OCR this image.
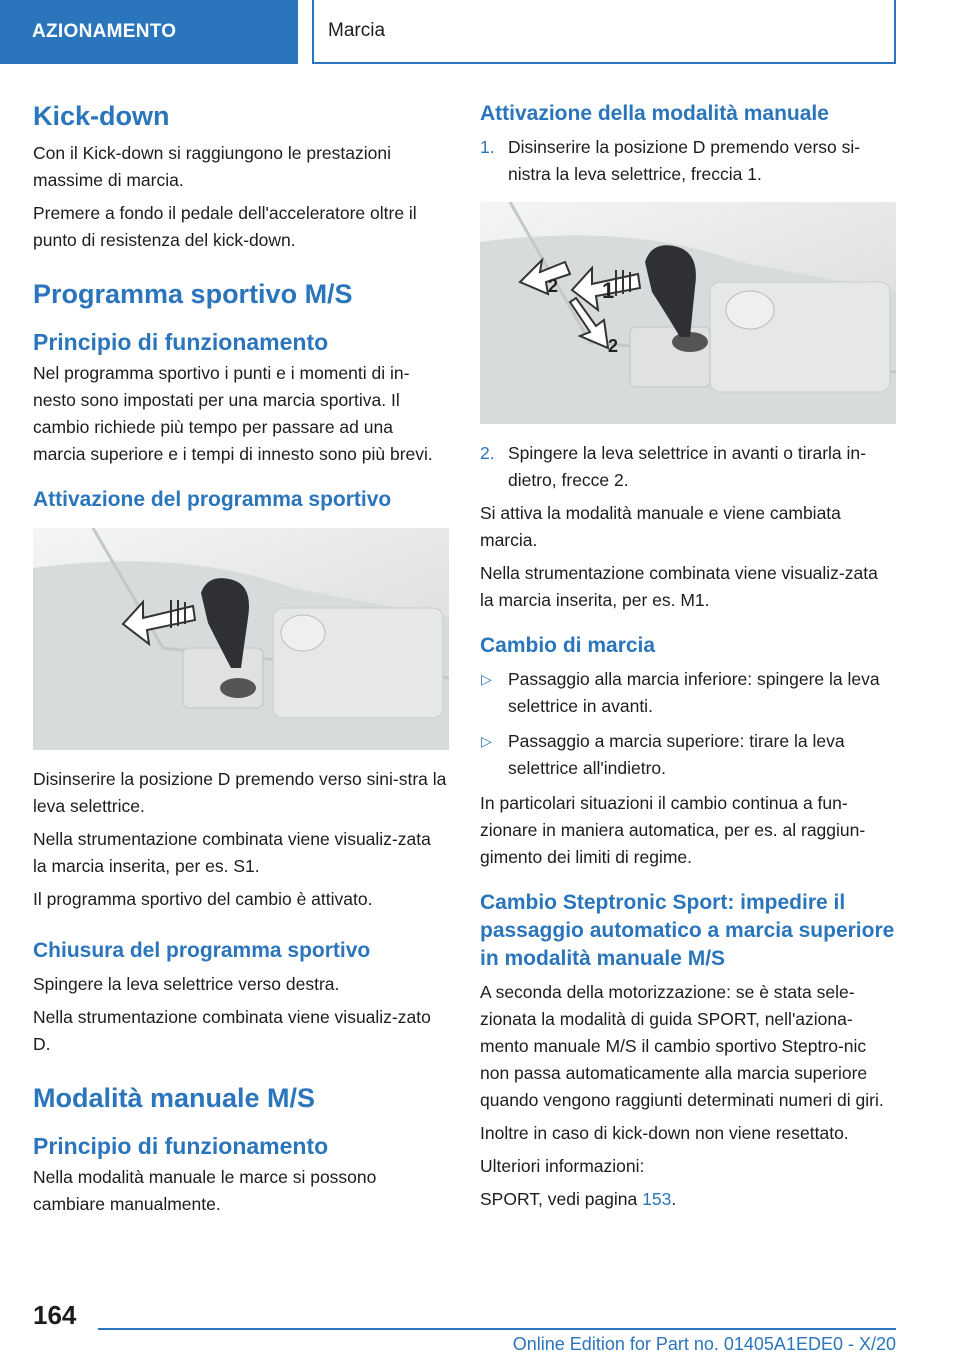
AZIONAMENTO	Marcia
Kick-down

Con il Kick-down si raggiungono le prestazioni massime di marcia.

Premere a fondo il pedale dell'acceleratore oltre il punto di resistenza del kick-down.

Programma sportivo M/S
Principio di funzionamento

Nel programma sportivo i punti e i momenti di in-nesto sono impostati per una marcia sportiva. Il cambio richiede più tempo per passare ad una marcia superiore e i tempi di innesto sono più brevi.

Attivazione del programma sportivo

Disinserire la posizione D premendo verso sini-stra la leva selettrice.

Nella strumentazione combinata viene visualiz-zata la marcia inserita, per es. S1.

Il programma sportivo del cambio è attivato.

Chiusura del programma sportivo

Spingere la leva selettrice verso destra.

Nella strumentazione combinata viene visualiz-zato D.

Modalità manuale M/S
Principio di funzionamento

Nella modalità manuale le marce si possono cambiare manualmente.

Attivazione della modalità manuale
1. Disinserire la posizione D premendo verso si-nistra la leva selettrice, freccia 1.
1
2
2
2. Spingere la leva selettrice in avanti o tirarla in-dietro, frecce 2.

Si attiva la modalità manuale e viene cambiata marcia.

Nella strumentazione combinata viene visualiz-zata la marcia inserita, per es. M1.

Cambio di marcia
▷ Passaggio alla marcia inferiore: spingere la leva selettrice in avanti.
▷ Passaggio a marcia superiore: tirare la leva selettrice all'indietro.

In particolari situazioni il cambio continua a fun-zionare in maniera automatica, per es. al raggiun-gimento dei limiti di regime.

Cambio Steptronic Sport: impedire il passaggio automatico a marcia superiore in modalità manuale M/S

A seconda della motorizzazione: se è stata sele-zionata la modalità di guida SPORT, nell'aziona-mento manuale M/S il cambio sportivo Steptro-nic non passa automaticamente alla marcia superiore quando vengono raggiunti determinati numeri di giri.

Inoltre in caso di kick-down non viene resettato.

Ulteriori informazioni:

SPORT, vedi pagina 153.

164
Online Edition for Part no. 01405A1EDE0 - X/20
